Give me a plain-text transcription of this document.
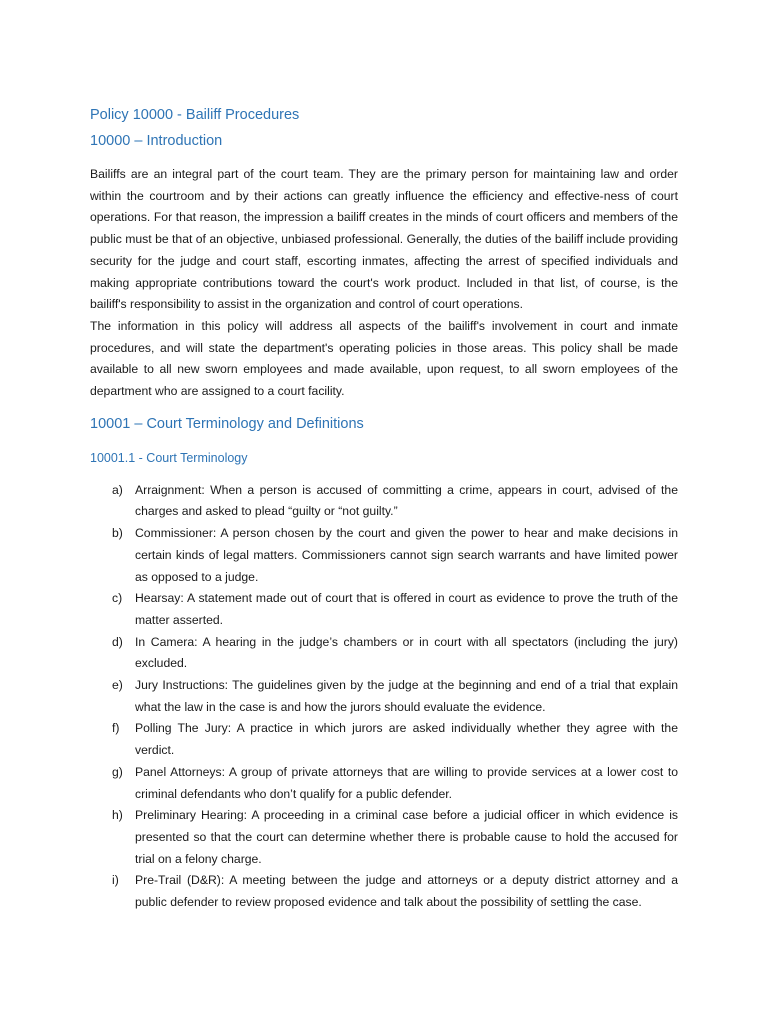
Policy 10000 - Bailiff Procedures
10000 – Introduction

Bailiffs are an integral part of the court team. They are the primary person for maintaining law and order within the courtroom and by their actions can greatly influence the efficiency and effective-ness of court operations. For that reason, the impression a bailiff creates in the minds of court officers and members of the public must be that of an objective, unbiased professional. Generally, the duties of the bailiff include providing security for the judge and court staff, escorting inmates, affecting the arrest of specified individuals and making appropriate contributions toward the court's work product. Included in that list, of course, is the bailiff's responsibility to assist in the organization and control of court operations.

The information in this policy will address all aspects of the bailiff's involvement in court and inmate procedures, and will state the department's operating policies in those areas. This policy shall be made available to all new sworn employees and made available, upon request, to all sworn employees of the department who are assigned to a court facility.

10001 – Court Terminology and Definitions
10001.1 - Court Terminology
a) Arraignment: When a person is accused of committing a crime, appears in court, advised of the charges and asked to plead “guilty or “not guilty.”
b) Commissioner: A person chosen by the court and given the power to hear and make decisions in certain kinds of legal matters. Commissioners cannot sign search warrants and have limited power as opposed to a judge.
c) Hearsay: A statement made out of court that is offered in court as evidence to prove the truth of the matter asserted.
d) In Camera: A hearing in the judge’s chambers or in court with all spectators (including the jury) excluded.
e) Jury Instructions: The guidelines given by the judge at the beginning and end of a trial that explain what the law in the case is and how the jurors should evaluate the evidence.
f) Polling The Jury: A practice in which jurors are asked individually whether they agree with the verdict.
g) Panel Attorneys: A group of private attorneys that are willing to provide services at a lower cost to criminal defendants who don’t qualify for a public defender.
h) Preliminary Hearing: A proceeding in a criminal case before a judicial officer in which evidence is presented so that the court can determine whether there is probable cause to hold the accused for trial on a felony charge.
i) Pre-Trail (D&R): A meeting between the judge and attorneys or a deputy district attorney and a public defender to review proposed evidence and talk about the possibility of settling the case.
